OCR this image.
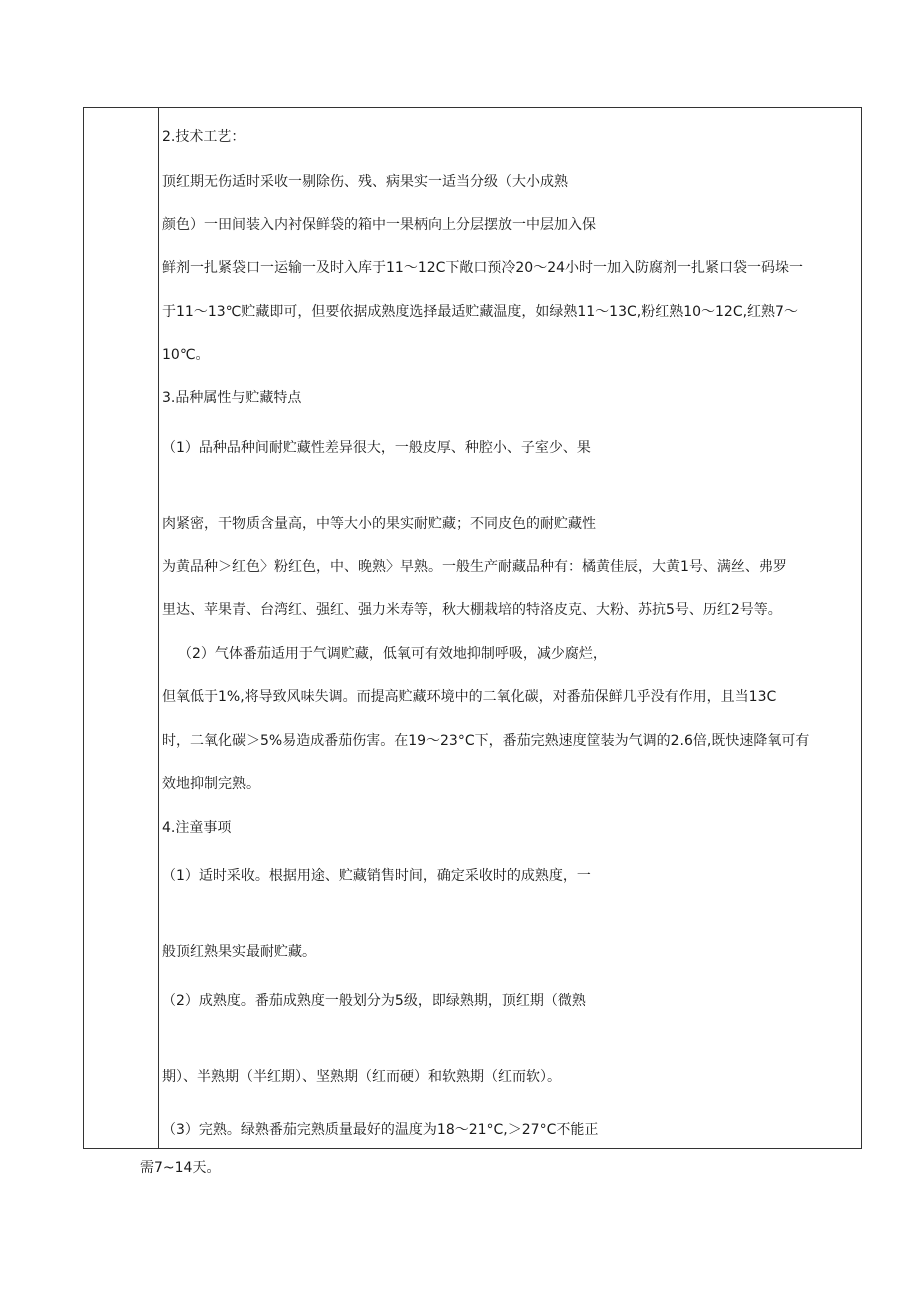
2.技术工艺：
顶红期无伤适时采收一剔除伤、残、病果实一适当分级（大小成熟
颜色）一田间装入内衬保鲜袋的箱中一果柄向上分层摆放一中层加入保
鲜剂一扎紧袋口一运输一及时入库于11～12C下敞口预冷20～24小时一加入防腐剂一扎紧口袋一码垛一
于11～13℃贮藏即可，但要依据成熟度选择最适贮藏温度，如绿熟11～13C,粉红熟10～12C,红熟7～
10℃。
3.品种属性与贮藏特点
（1）品种品种间耐贮藏性差异很大，一般皮厚、种腔小、子室少、果
肉紧密，干物质含量高，中等大小的果实耐贮藏；不同皮色的耐贮藏性
为黄品种＞红色〉粉红色，中、晚熟〉早熟。一般生产耐藏品种有：橘黄佳辰，大黄1号、满丝、弗罗
里达、苹果青、台湾红、强红、强力米寿等，秋大棚栽培的特洛皮克、大粉、苏抗5号、历红2号等。
（2）气体番茄适用于气调贮藏，低氧可有效地抑制呼吸，减少腐烂，
但氧低于1%,将导致风味失调。而提高贮藏环境中的二氧化碳，对番茄保鲜几乎没有作用，且当13C
时，二氧化碳＞5%易造成番茄伤害。在19～23°C下，番茄完熟速度筐装为气调的2.6倍,既快速降氧可有
效地抑制完熟。
4.注童事项
（1）适时采收。根据用途、贮藏销售时间，确定采收时的成熟度，一
般顶红熟果实最耐贮藏。
（2）成熟度。番茄成熟度一般划分为5级，即绿熟期，顶红期（微熟
期）、半熟期（半红期）、坚熟期（红而硬）和软熟期（红而软）。
（3）完熟。绿熟番茄完熟质量最好的温度为18～21°C,＞27°C不能正
需7~14天。
